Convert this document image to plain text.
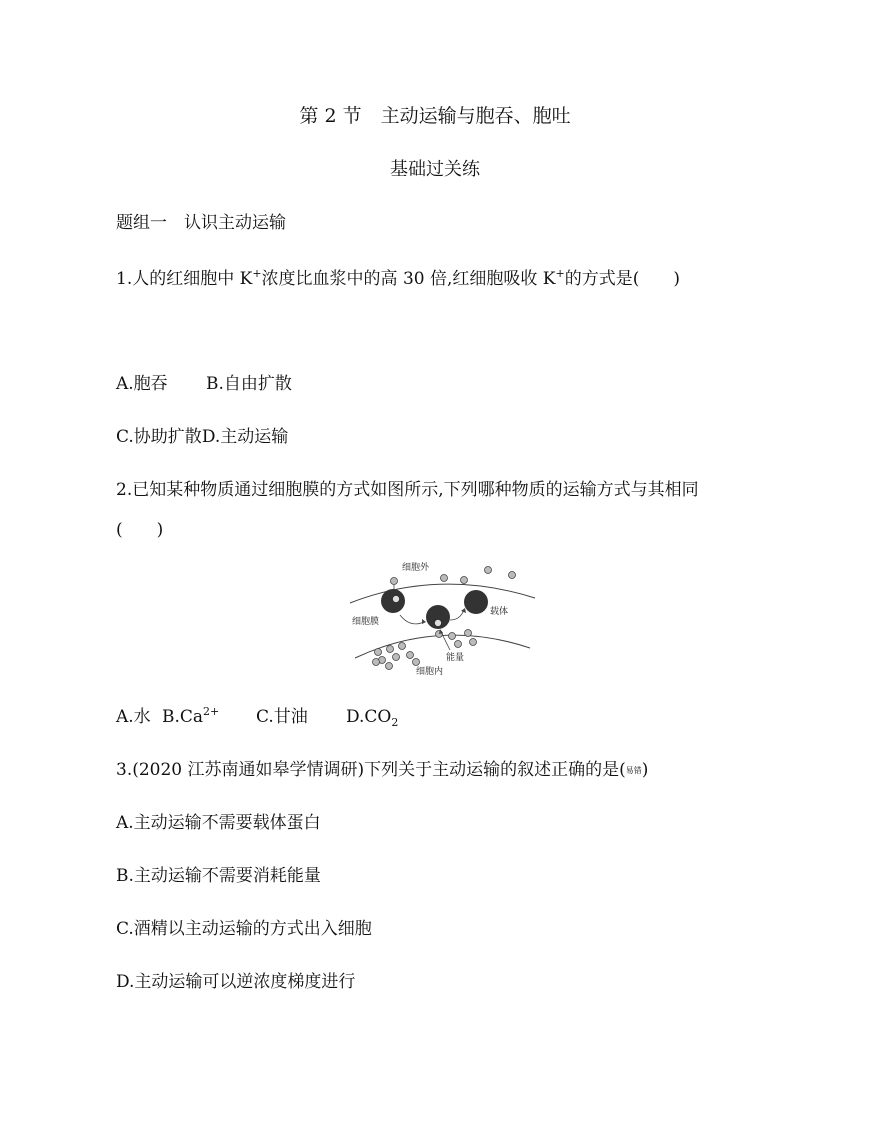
第 2 节　主动运输与胞吞、胞吐
基础过关练
题组一　认识主动运输
1.人的红细胞中 K+浓度比血浆中的高 30 倍,红细胞吸收 K+的方式是(　　)
A.胞吞 B.自由扩散
C.协助扩散D.主动运输
2.已知某种物质通过细胞膜的方式如图所示,下列哪种物质的运输方式与其相同
(　　)
细胞外
载体
细胞膜
能量
细胞内
A.水 $B.Ca^{2+}$ C.甘油 $D.CO_2$
3.(2020 江苏南通如皋学情调研)下列关于主动运输的叙述正确的是(易错)
A.主动运输不需要载体蛋白
B.主动运输不需要消耗能量
C.酒精以主动运输的方式出入细胞
D.主动运输可以逆浓度梯度进行
